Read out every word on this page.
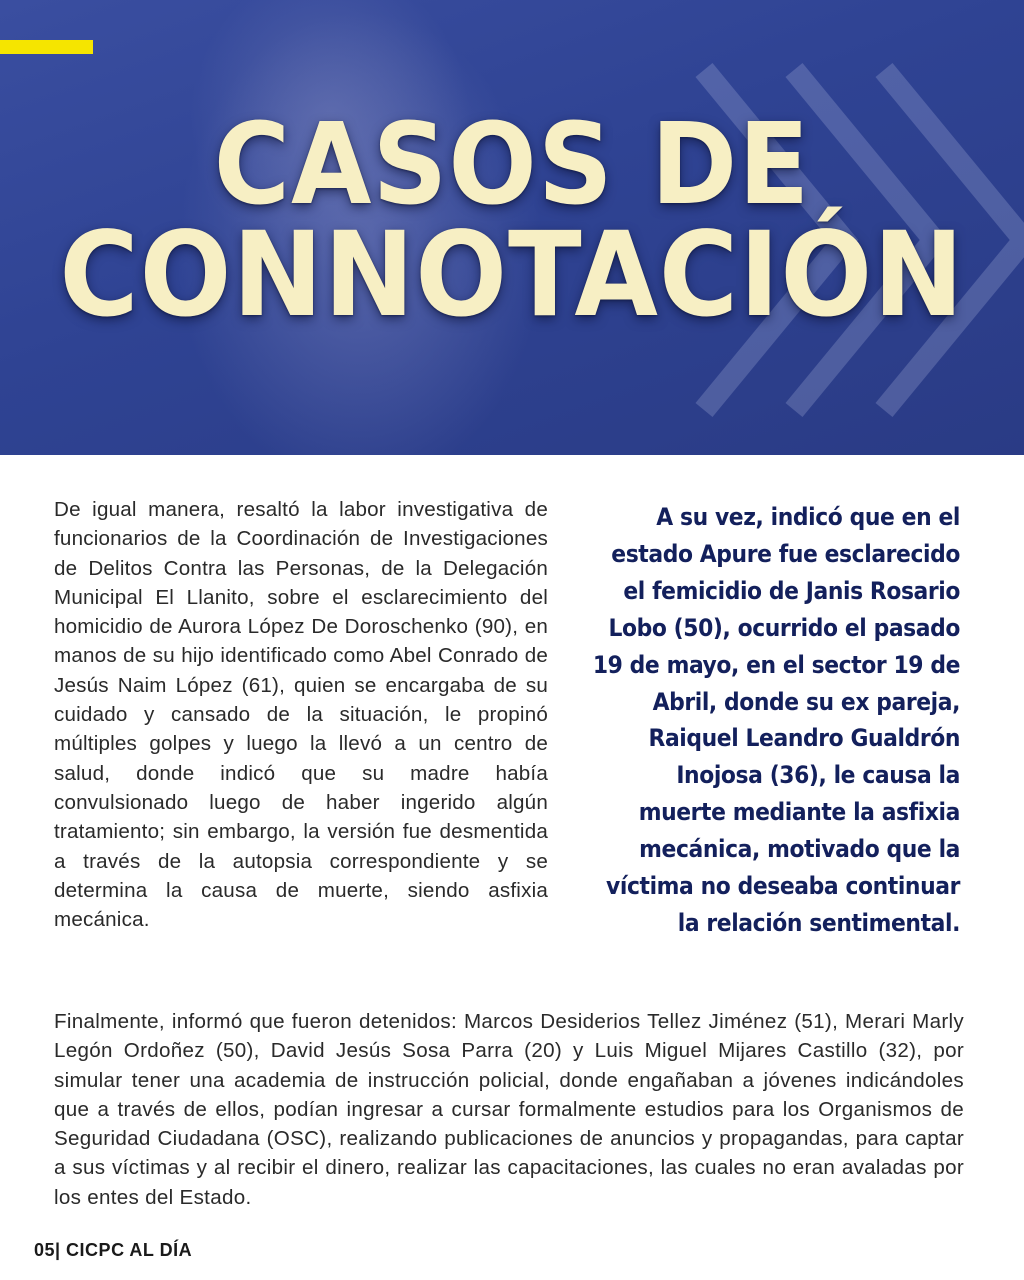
CASOS DE
CONNOTACIÓN

De igual manera, resaltó la labor investigativa de funcionarios de la Coordinación de Investigaciones de Delitos Contra las Personas, de la Delegación Municipal El Llanito, sobre el esclarecimiento del homicidio de Aurora López De Doroschenko (90), en manos de su hijo identificado como Abel Conrado de Jesús Naim López (61), quien se encargaba de su cuidado y cansado de la situación, le propinó múltiples golpes y luego la llevó a un centro de salud, donde indicó que su madre había convulsionado luego de haber ingerido algún tratamiento; sin embargo, la versión fue desmentida a través de la autopsia correspondiente y se determina la causa de muerte, siendo asfixia mecánica.

A su vez, indicó que en el estado Apure fue esclarecido el femicidio de Janis Rosario Lobo (50), ocurrido el pasado 19 de mayo, en el sector 19 de Abril, donde su ex pareja, Raiquel Leandro Gualdrón Inojosa (36), le causa la muerte mediante la asfixia mecánica, motivado que la víctima no deseaba continuar la relación sentimental.

Finalmente, informó que fueron detenidos: Marcos Desiderios Tellez Jiménez (51), Merari Marly Legón Ordoñez (50), David Jesús Sosa Parra (20) y Luis Miguel Mijares Castillo (32), por simular tener una academia de instrucción policial, donde engañaban a jóvenes indicándoles que a través de ellos, podían ingresar a cursar formalmente estudios para los Organismos de Seguridad Ciudadana (OSC), realizando publicaciones de anuncios y propagandas, para captar a sus víctimas y al recibir el dinero, realizar las capacitaciones, las cuales no eran avaladas por los entes del Estado.

05| CICPC AL DÍA
